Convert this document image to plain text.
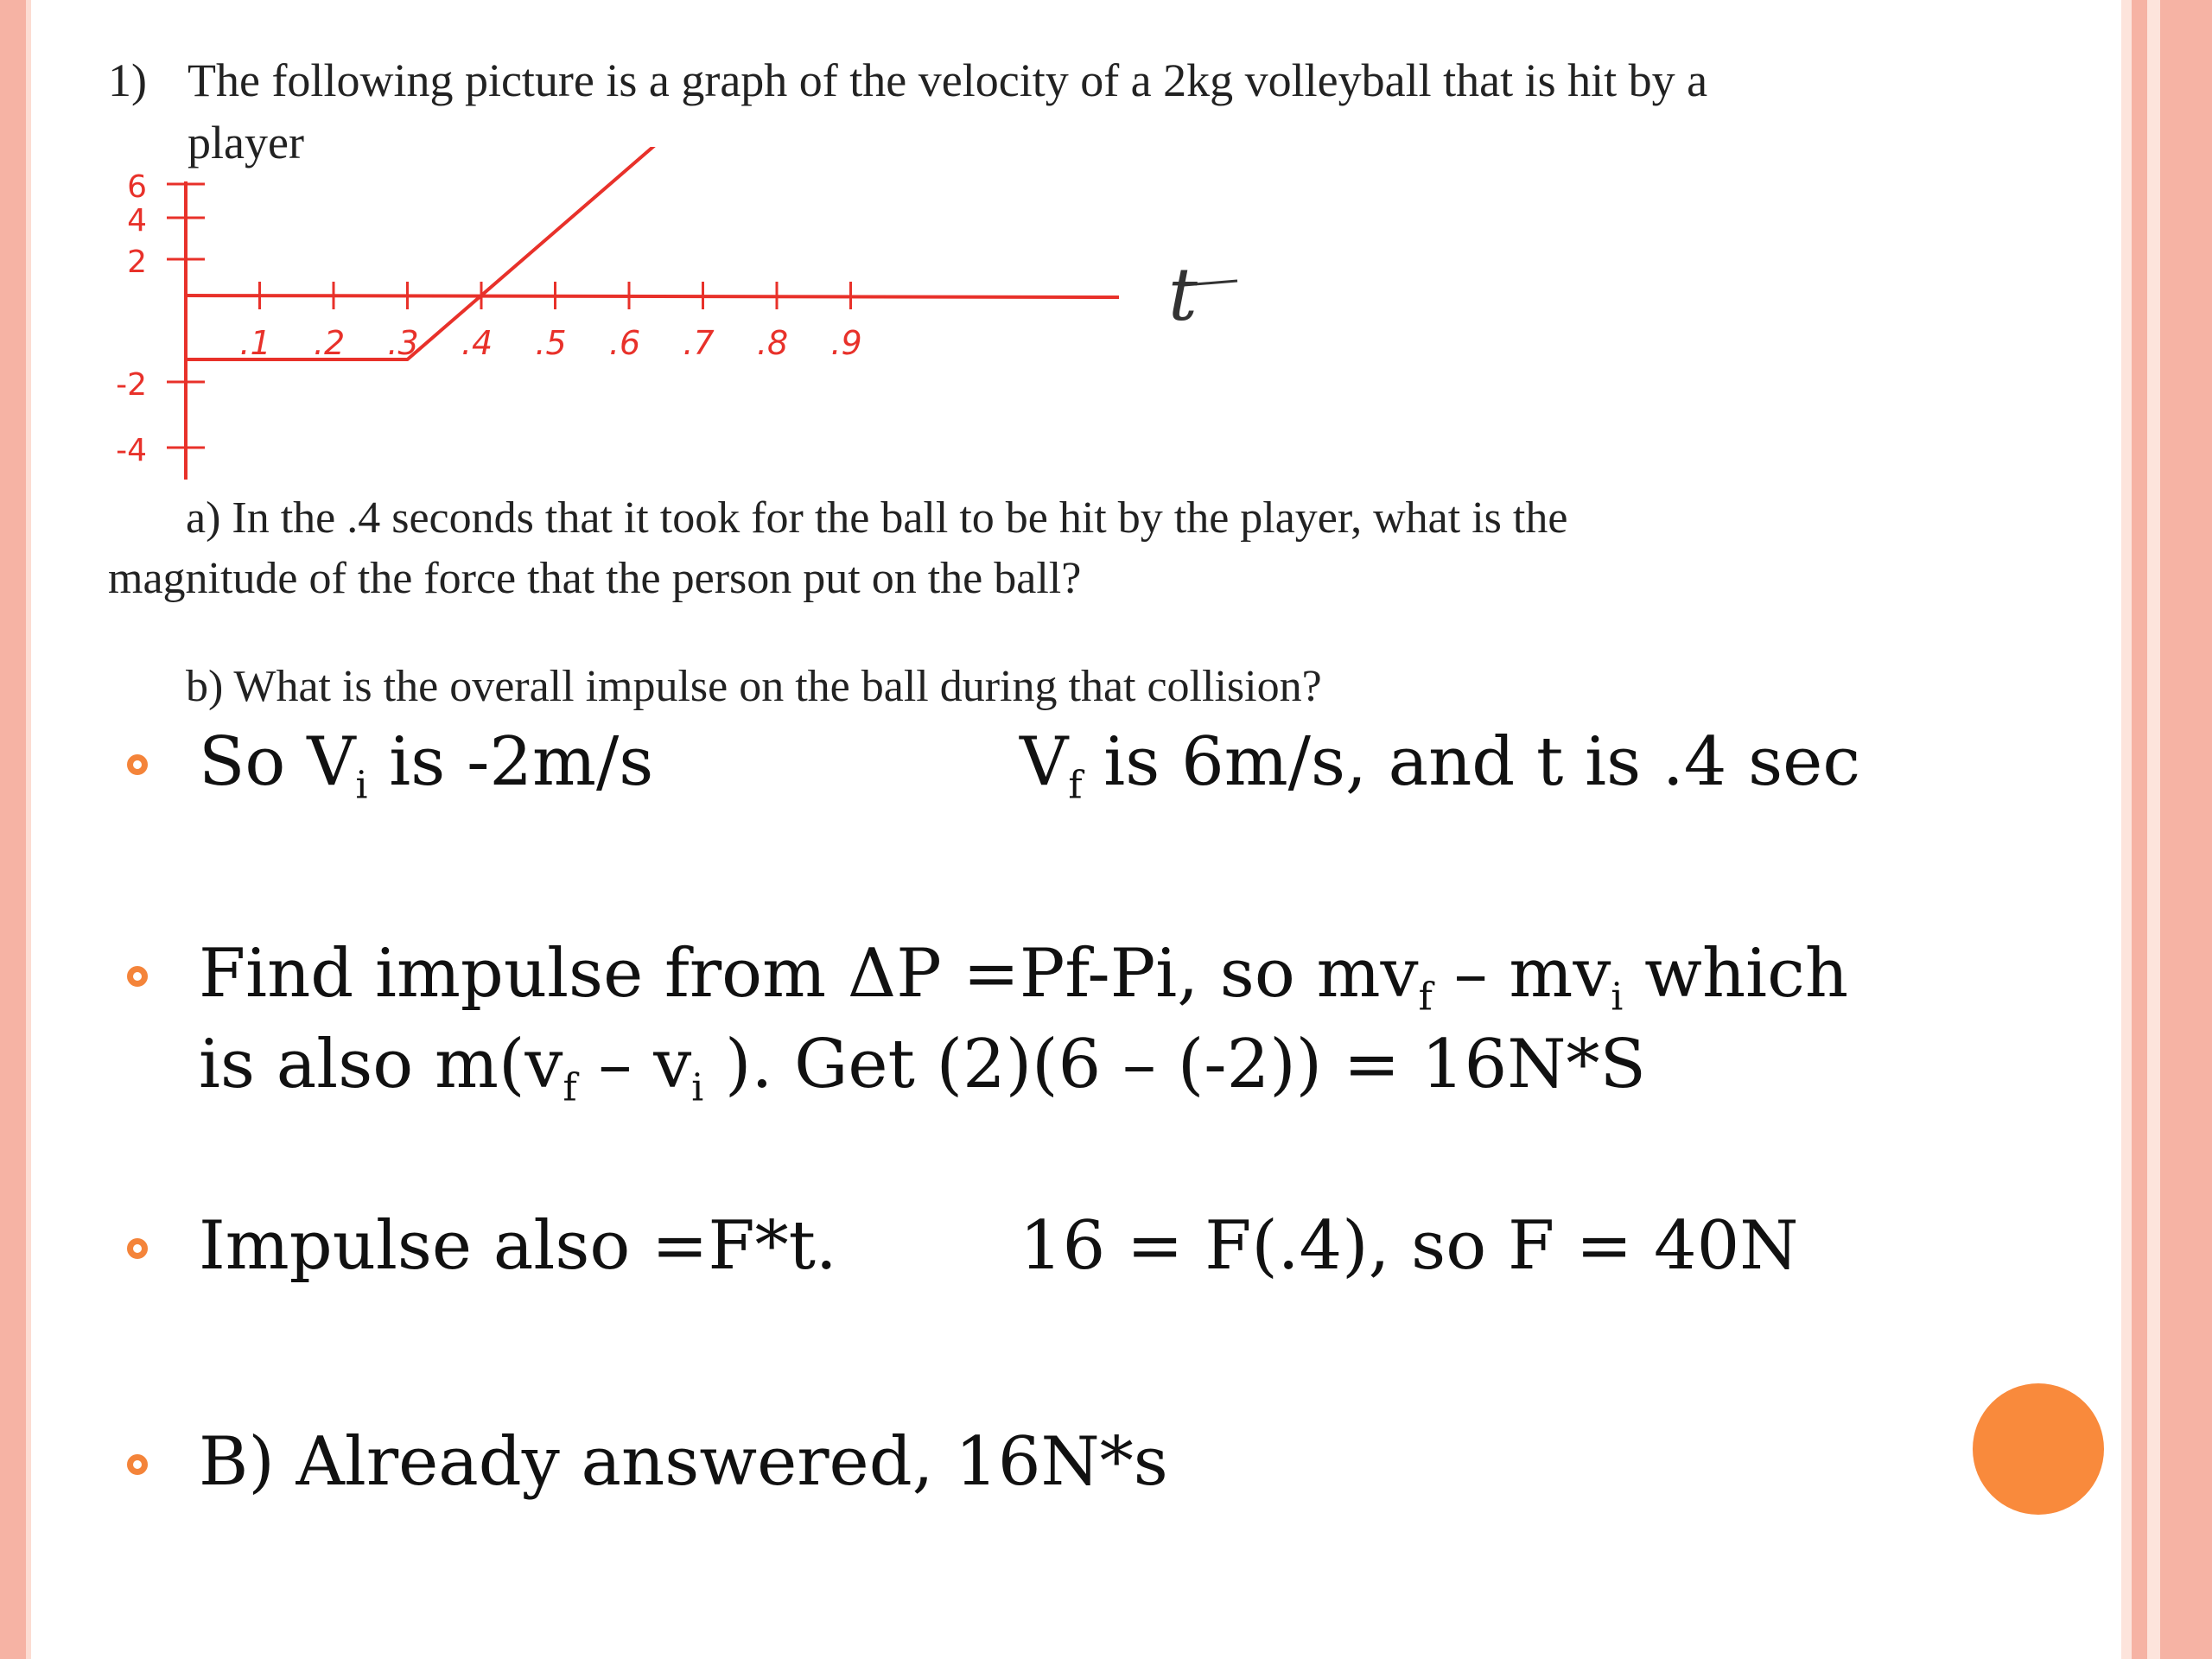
1) The following picture is a graph of the velocity of a 2kg volleyball that is hit by a
player
a) In the .4 seconds that it took for the ball to be hit by the player, what is the
magnitude of the force that the person put on the ball?
b) What is the overall impulse on the ball during that collision?
6
4
2
-2
-4
.1 .2 .3 .4 .5 .6 .7 .8 .9
t
So $V_i$ is -2m/s	$V_f$ is 6m/s, and t is .4 sec
Find impulse from ΔP =Pf-Pi, so $mv_f - mv_i$ which
is also $m(v_f - v_i$ ). Get (2)(6 – (-2)) = 16N*S
Impulse also =F*t.	16 = F(.4), so F = 40N
B) Already answered, 16N*s
